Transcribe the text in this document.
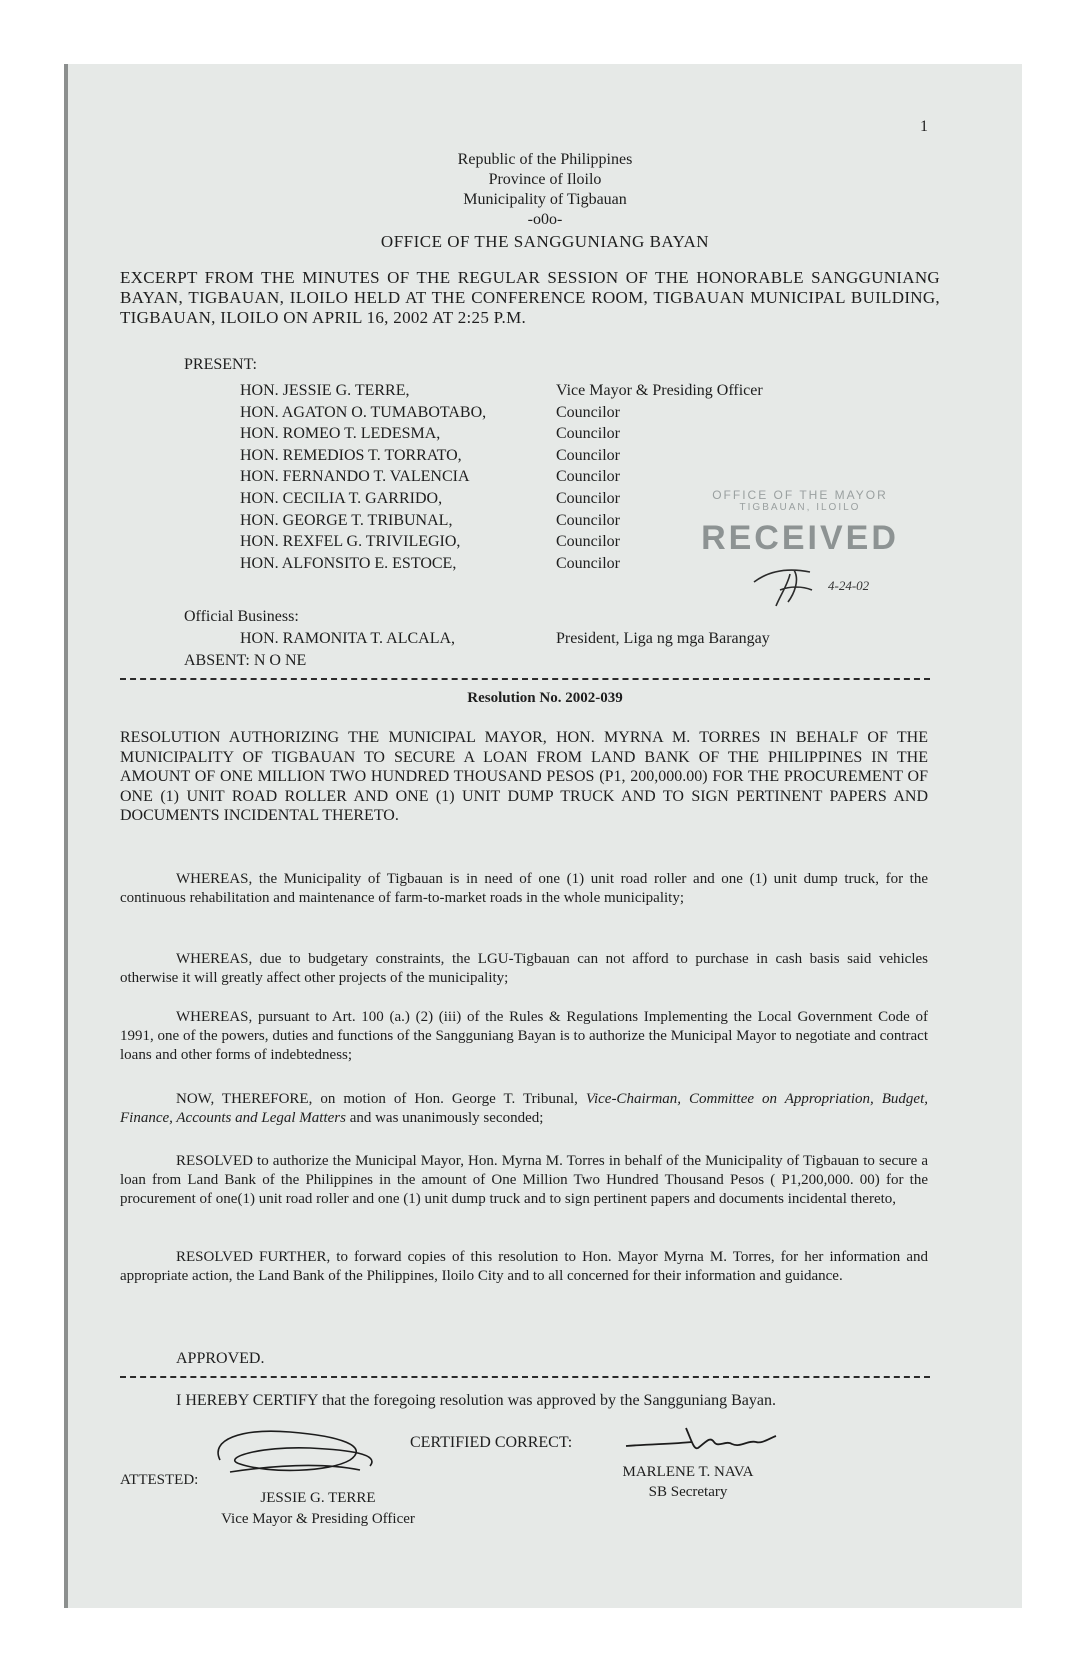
1
Republic of the Philippines
Province of Iloilo
Municipality of Tigbauan
-o0o-
OFFICE OF THE SANGGUNIANG BAYAN
EXCERPT FROM THE MINUTES OF THE REGULAR SESSION OF THE HONORABLE SANGGUNIANG BAYAN, TIGBAUAN, ILOILO HELD AT THE CONFERENCE ROOM, TIGBAUAN MUNICIPAL BUILDING, TIGBAUAN, ILOILO ON APRIL 16, 2002 AT 2:25 P.M.
PRESENT:
HON. JESSIE G. TERRE,	Vice Mayor & Presiding Officer
HON. AGATON O. TUMABOTABO,	Councilor
HON. ROMEO T. LEDESMA,	Councilor
HON. REMEDIOS T. TORRATO,	Councilor
HON. FERNANDO T. VALENCIA	Councilor
HON. CECILIA T. GARRIDO,	Councilor
HON. GEORGE T. TRIBUNAL,	Councilor
HON. REXFEL G. TRIVILEGIO,	Councilor
HON. ALFONSITO E. ESTOCE,	Councilor
OFFICE OF THE MAYOR
TIGBAUAN, ILOILO
RECEIVED
4-24-02
Official Business:
HON. RAMONITA T. ALCALA,	President, Liga ng mga Barangay
ABSENT: N O NE
Resolution No. 2002-039
RESOLUTION AUTHORIZING THE MUNICIPAL MAYOR, HON. MYRNA M. TORRES IN BEHALF OF THE MUNICIPALITY OF TIGBAUAN TO SECURE A LOAN FROM LAND BANK OF THE PHILIPPINES IN THE AMOUNT OF ONE MILLION TWO HUNDRED THOUSAND PESOS (P1, 200,000.00) FOR THE PROCUREMENT OF ONE (1) UNIT ROAD ROLLER AND ONE (1) UNIT DUMP TRUCK AND TO SIGN PERTINENT PAPERS AND DOCUMENTS INCIDENTAL THERETO.
WHEREAS, the Municipality of Tigbauan is in need of one (1) unit road roller and one (1) unit dump truck, for the continuous rehabilitation and maintenance of farm-to-market roads in the whole municipality;
WHEREAS, due to budgetary constraints, the LGU-Tigbauan can not afford to purchase in cash basis said vehicles otherwise it will greatly affect other projects of the municipality;
WHEREAS, pursuant to Art. 100 (a.) (2) (iii) of the Rules & Regulations Implementing the Local Government Code of 1991, one of the powers, duties and functions of the Sangguniang Bayan is to authorize the Municipal Mayor to negotiate and contract loans and other forms of indebtedness;
NOW, THEREFORE, on motion of Hon. George T. Tribunal, Vice-Chairman, Committee on Appropriation, Budget, Finance, Accounts and Legal Matters and was unanimously seconded;
RESOLVED to authorize the Municipal Mayor, Hon. Myrna M. Torres in behalf of the Municipality of Tigbauan to secure a loan from Land Bank of the Philippines in the amount of One Million Two Hundred Thousand Pesos ( P1,200,000. 00) for the procurement of one(1) unit road roller and one (1) unit dump truck and to sign pertinent papers and documents incidental thereto,
RESOLVED FURTHER, to forward copies of this resolution to Hon. Mayor Myrna M. Torres, for her information and appropriate action, the Land Bank of the Philippines, Iloilo City and to all concerned for their information and guidance.
APPROVED.
I HEREBY CERTIFY that the foregoing resolution was approved by the Sangguniang Bayan.
CERTIFIED CORRECT:
MARLENE T. NAVA
SB Secretary
ATTESTED:
JESSIE G. TERRE
Vice Mayor & Presiding Officer
